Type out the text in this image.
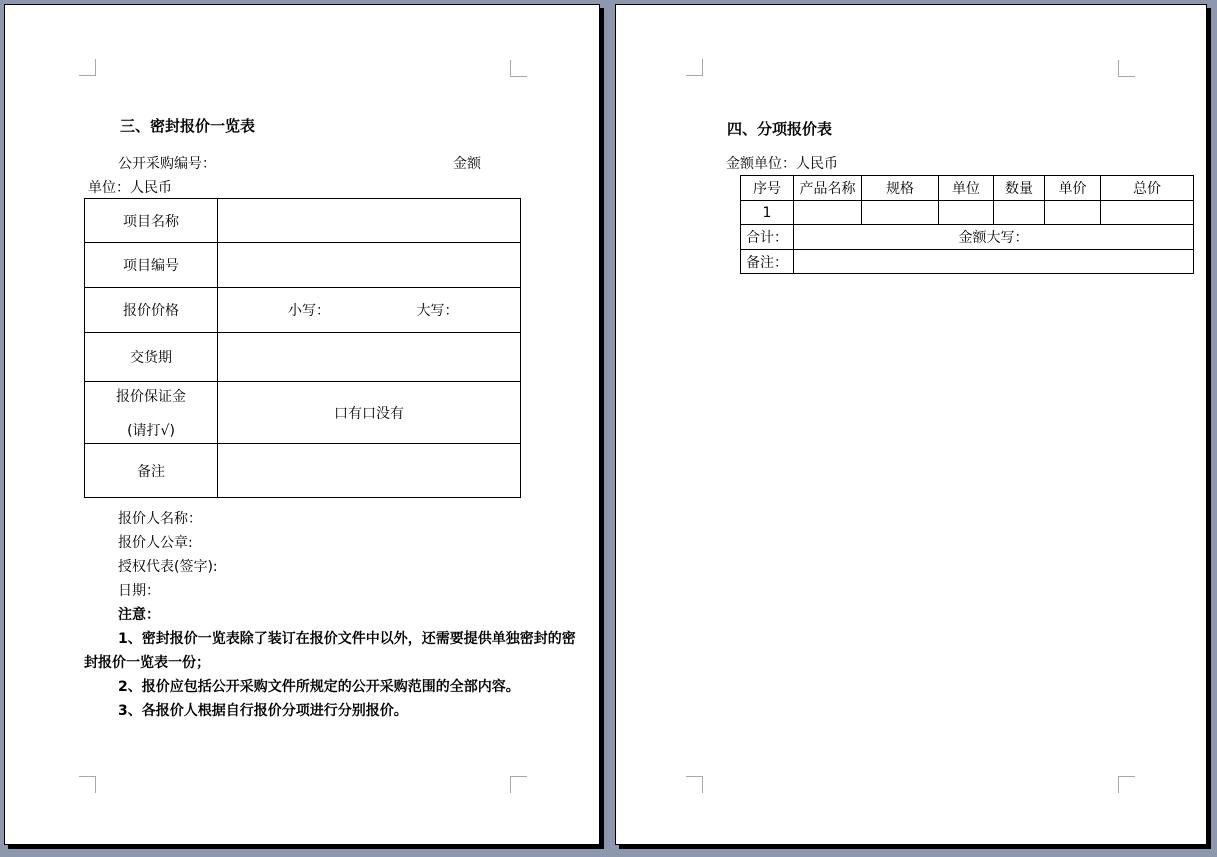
三、密封报价一览表
公开采购编号：	金额
单位：人民币
项目名称	
项目编号	
报价价格	小写： 大写：
交货期	

报价保证金
(请打√)	口有口没有
备注	
报价人名称：
报价人公章:
授权代表(签字):
日期：
注意：
1、密封报价一览表除了装订在报价文件中以外，还需要提供单独密封的密
封报价一览表一份；
2、报价应包括公开采购文件所规定的公开采购范围的全部内容。
3、各报价人根据自行报价分项进行分别报价。
四、分项报价表
金额单位：人民币
序号	产品名称	规格	单位	数量	单价	总价
1						
合计：	金额大写：					
备注：						
